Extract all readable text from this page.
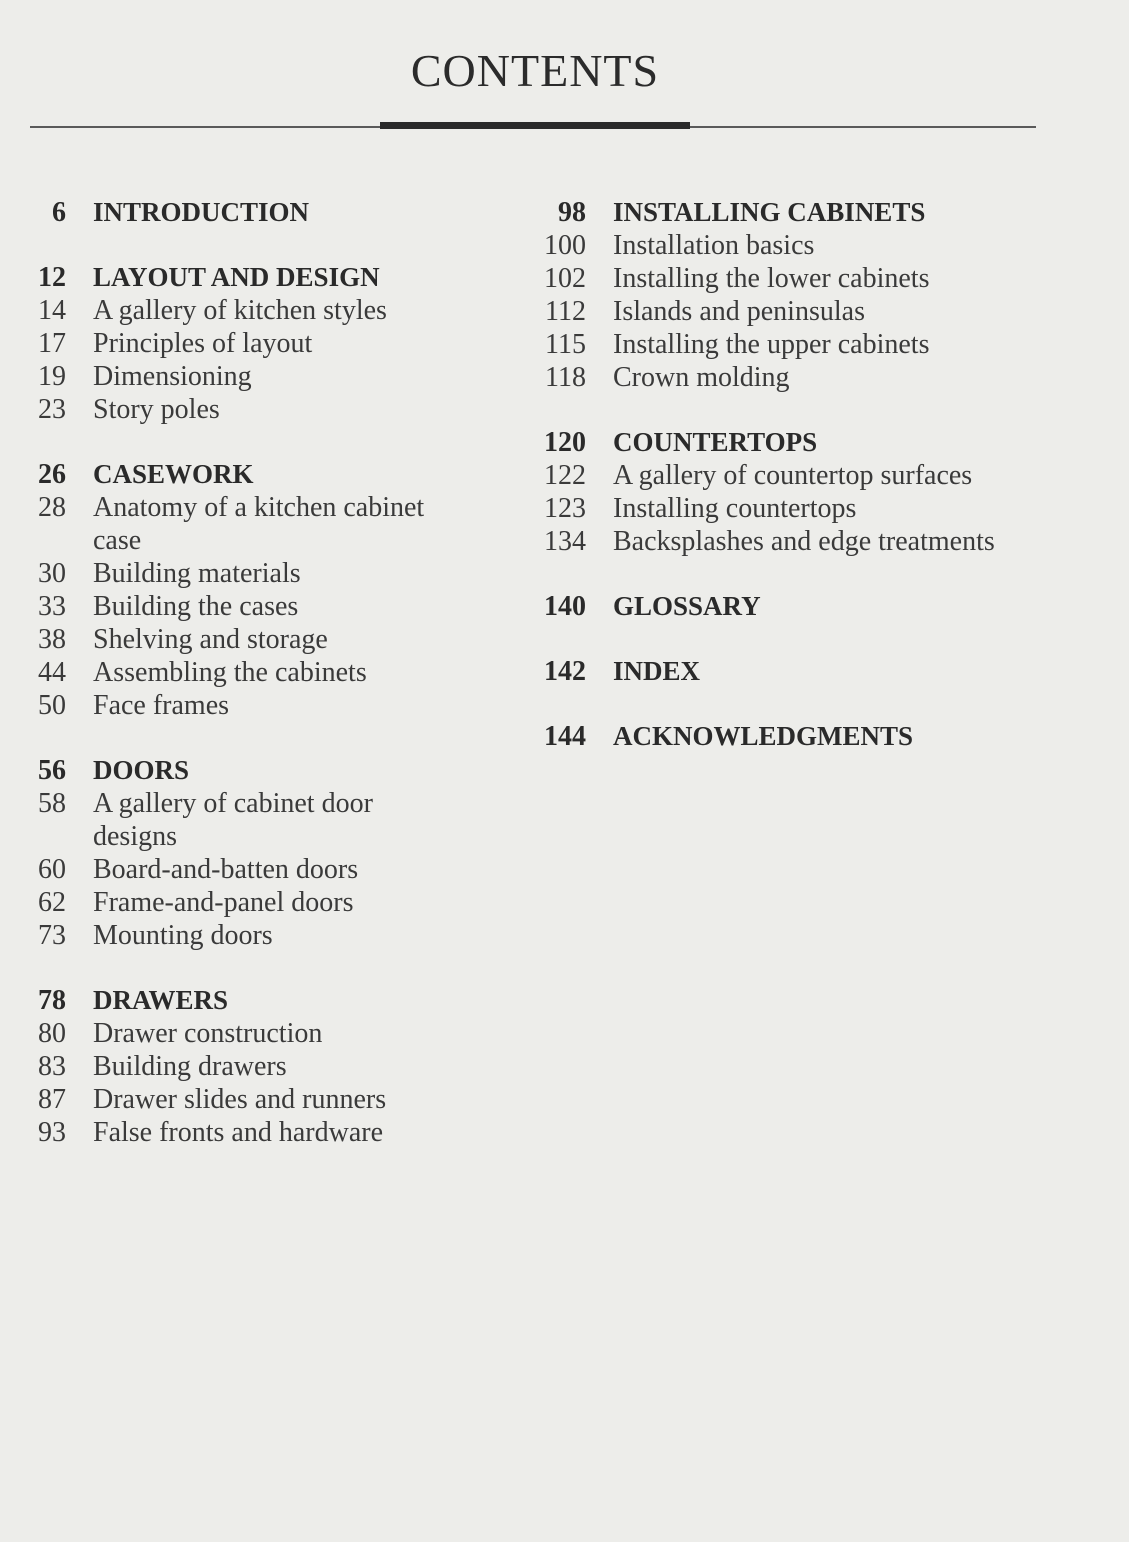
CONTENTS
6	INTRODUCTION
12	LAYOUT AND DESIGN
14 A gallery of kitchen styles
17 Principles of layout
19 Dimensioning
23 Story poles
26	CASEWORK
28 Anatomy of a kitchen cabinet case
30 Building materials
33 Building the cases
38 Shelving and storage
44 Assembling the cabinets
50 Face frames
56	DOORS
58 A gallery of cabinet door designs
60 Board-and-batten doors
62 Frame-and-panel doors
73 Mounting doors
78	DRAWERS
80 Drawer construction
83 Building drawers
87 Drawer slides and runners
93 False fronts and hardware
98	INSTALLING CABINETS
100 Installation basics
102 Installing the lower cabinets
112 Islands and peninsulas
115 Installing the upper cabinets
118 Crown molding
120	COUNTERTOPS
122 A gallery of countertop surfaces
123 Installing countertops
134 Backsplashes and edge treatments
140	GLOSSARY
142	INDEX
144	ACKNOWLEDGMENTS
